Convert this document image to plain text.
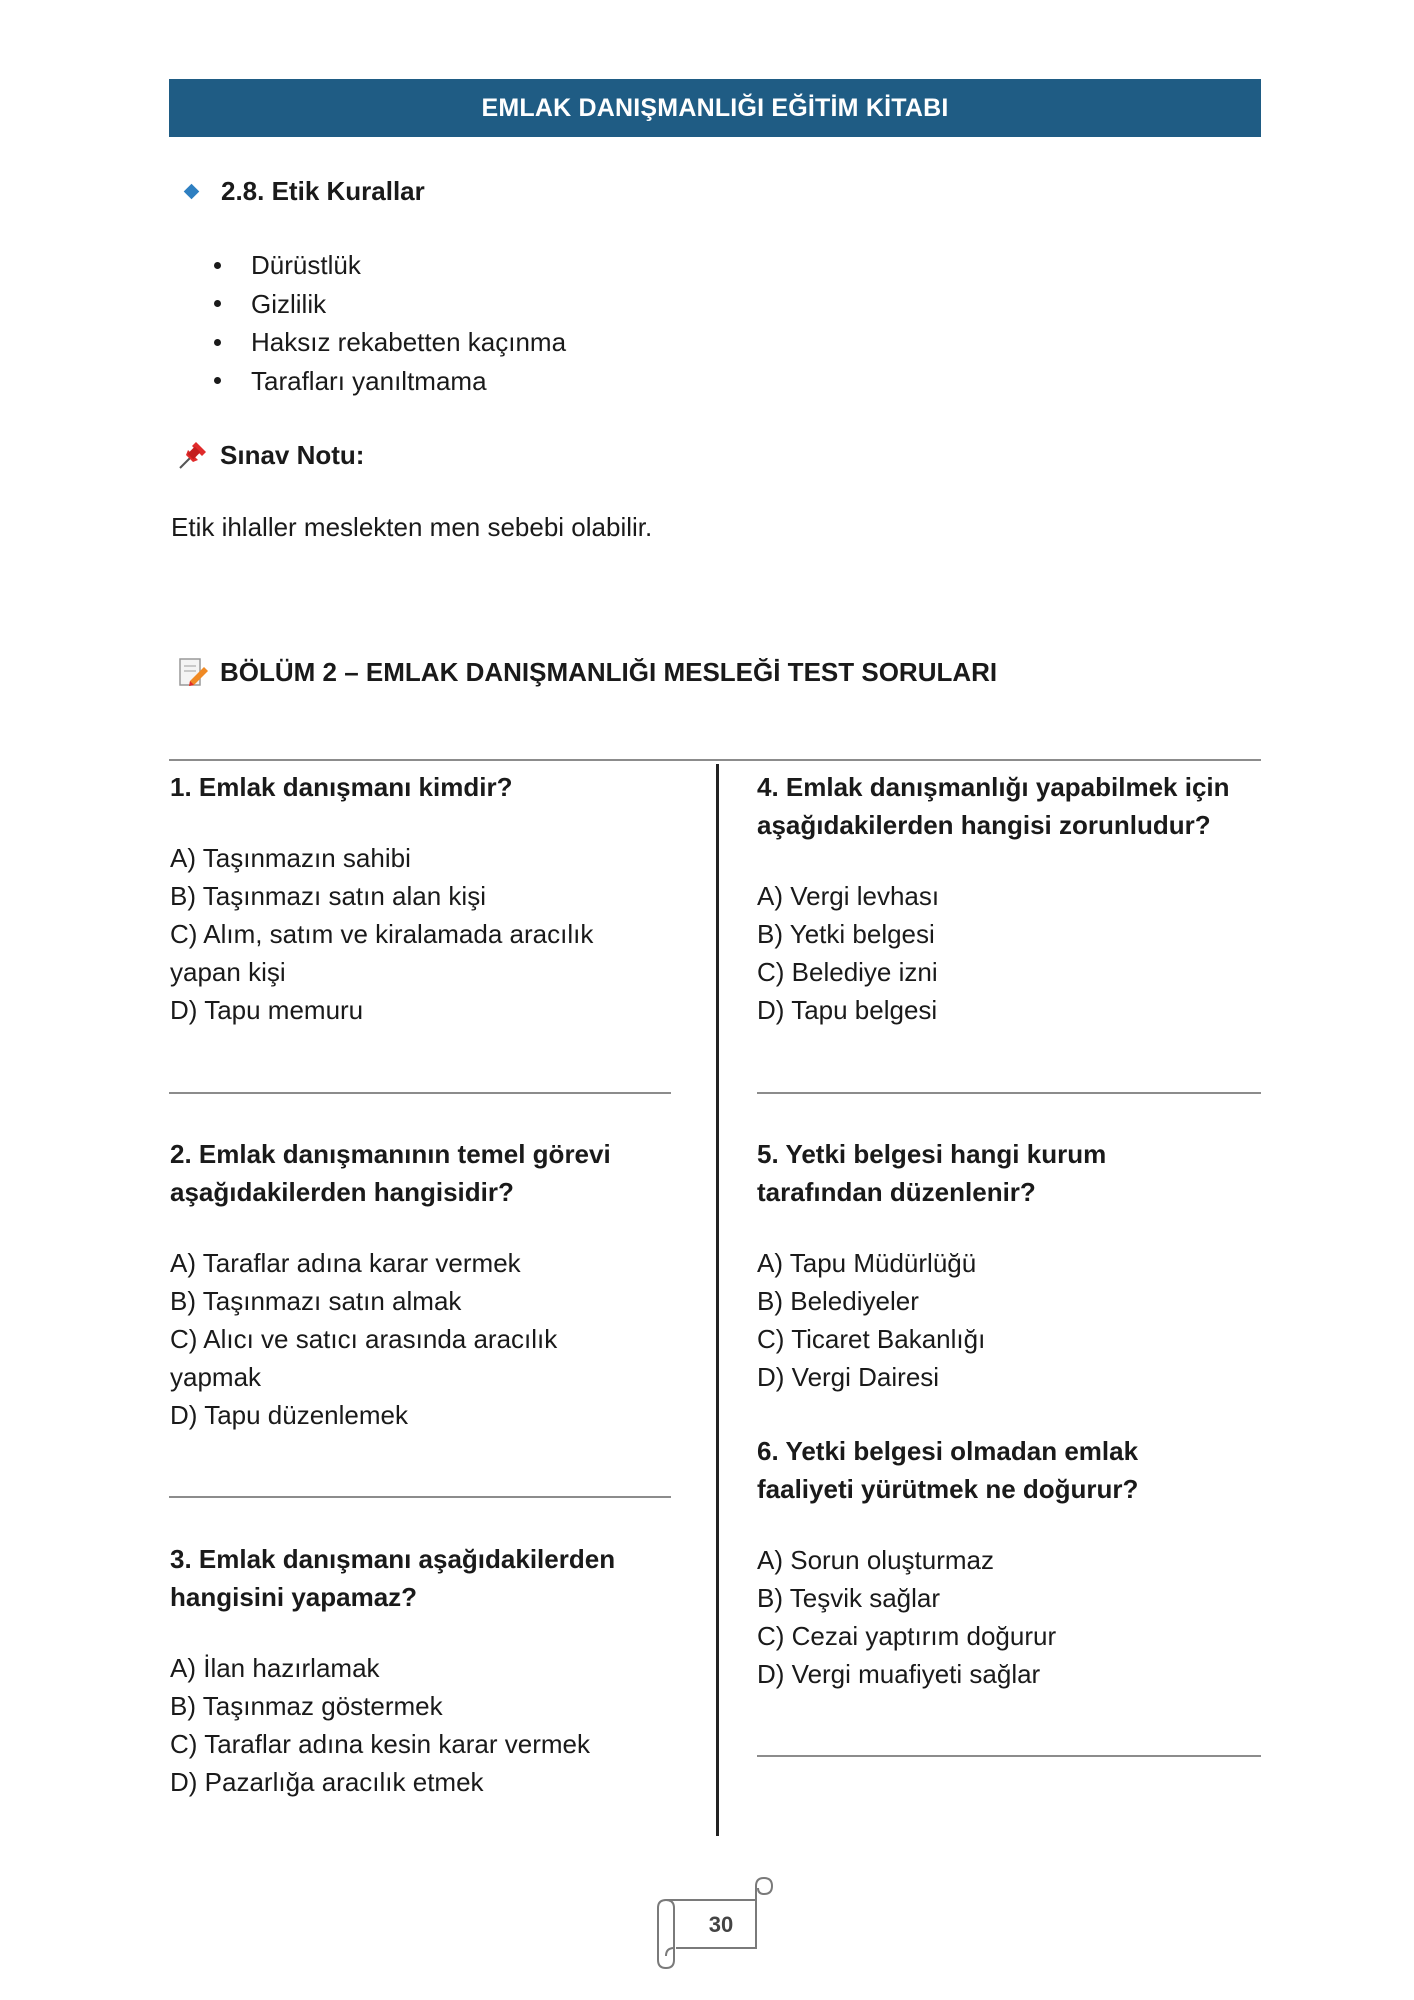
EMLAK DANIŞMANLIĞI EĞİTİM KİTABI
2.8. Etik Kurallar
Dürüstlük
Gizlilik
Haksız rekabetten kaçınma
Tarafları yanıltmama
Sınav Notu:
Etik ihlaller meslekten men sebebi olabilir.
BÖLÜM 2 – EMLAK DANIŞMANLIĞI MESLEĞİ TEST SORULARI
1. Emlak danışmanı kimdir?
A) Taşınmazın sahibi
B) Taşınmazı satın alan kişi
C) Alım, satım ve kiralamada aracılık
yapan kişi
D) Tapu memuru
2. Emlak danışmanının temel görevi
aşağıdakilerden hangisidir?
A) Taraflar adına karar vermek
B) Taşınmazı satın almak
C) Alıcı ve satıcı arasında aracılık
yapmak
D) Tapu düzenlemek
3. Emlak danışmanı aşağıdakilerden
hangisini yapamaz?
A) İlan hazırlamak
B) Taşınmaz göstermek
C) Taraflar adına kesin karar vermek
D) Pazarlığa aracılık etmek
4. Emlak danışmanlığı yapabilmek için
aşağıdakilerden hangisi zorunludur?
A) Vergi levhası
B) Yetki belgesi
C) Belediye izni
D) Tapu belgesi
5. Yetki belgesi hangi kurum
tarafından düzenlenir?
A) Tapu Müdürlüğü
B) Belediyeler
C) Ticaret Bakanlığı
D) Vergi Dairesi
6. Yetki belgesi olmadan emlak
faaliyeti yürütmek ne doğurur?
A) Sorun oluşturmaz
B) Teşvik sağlar
C) Cezai yaptırım doğurur
D) Vergi muafiyeti sağlar
30
